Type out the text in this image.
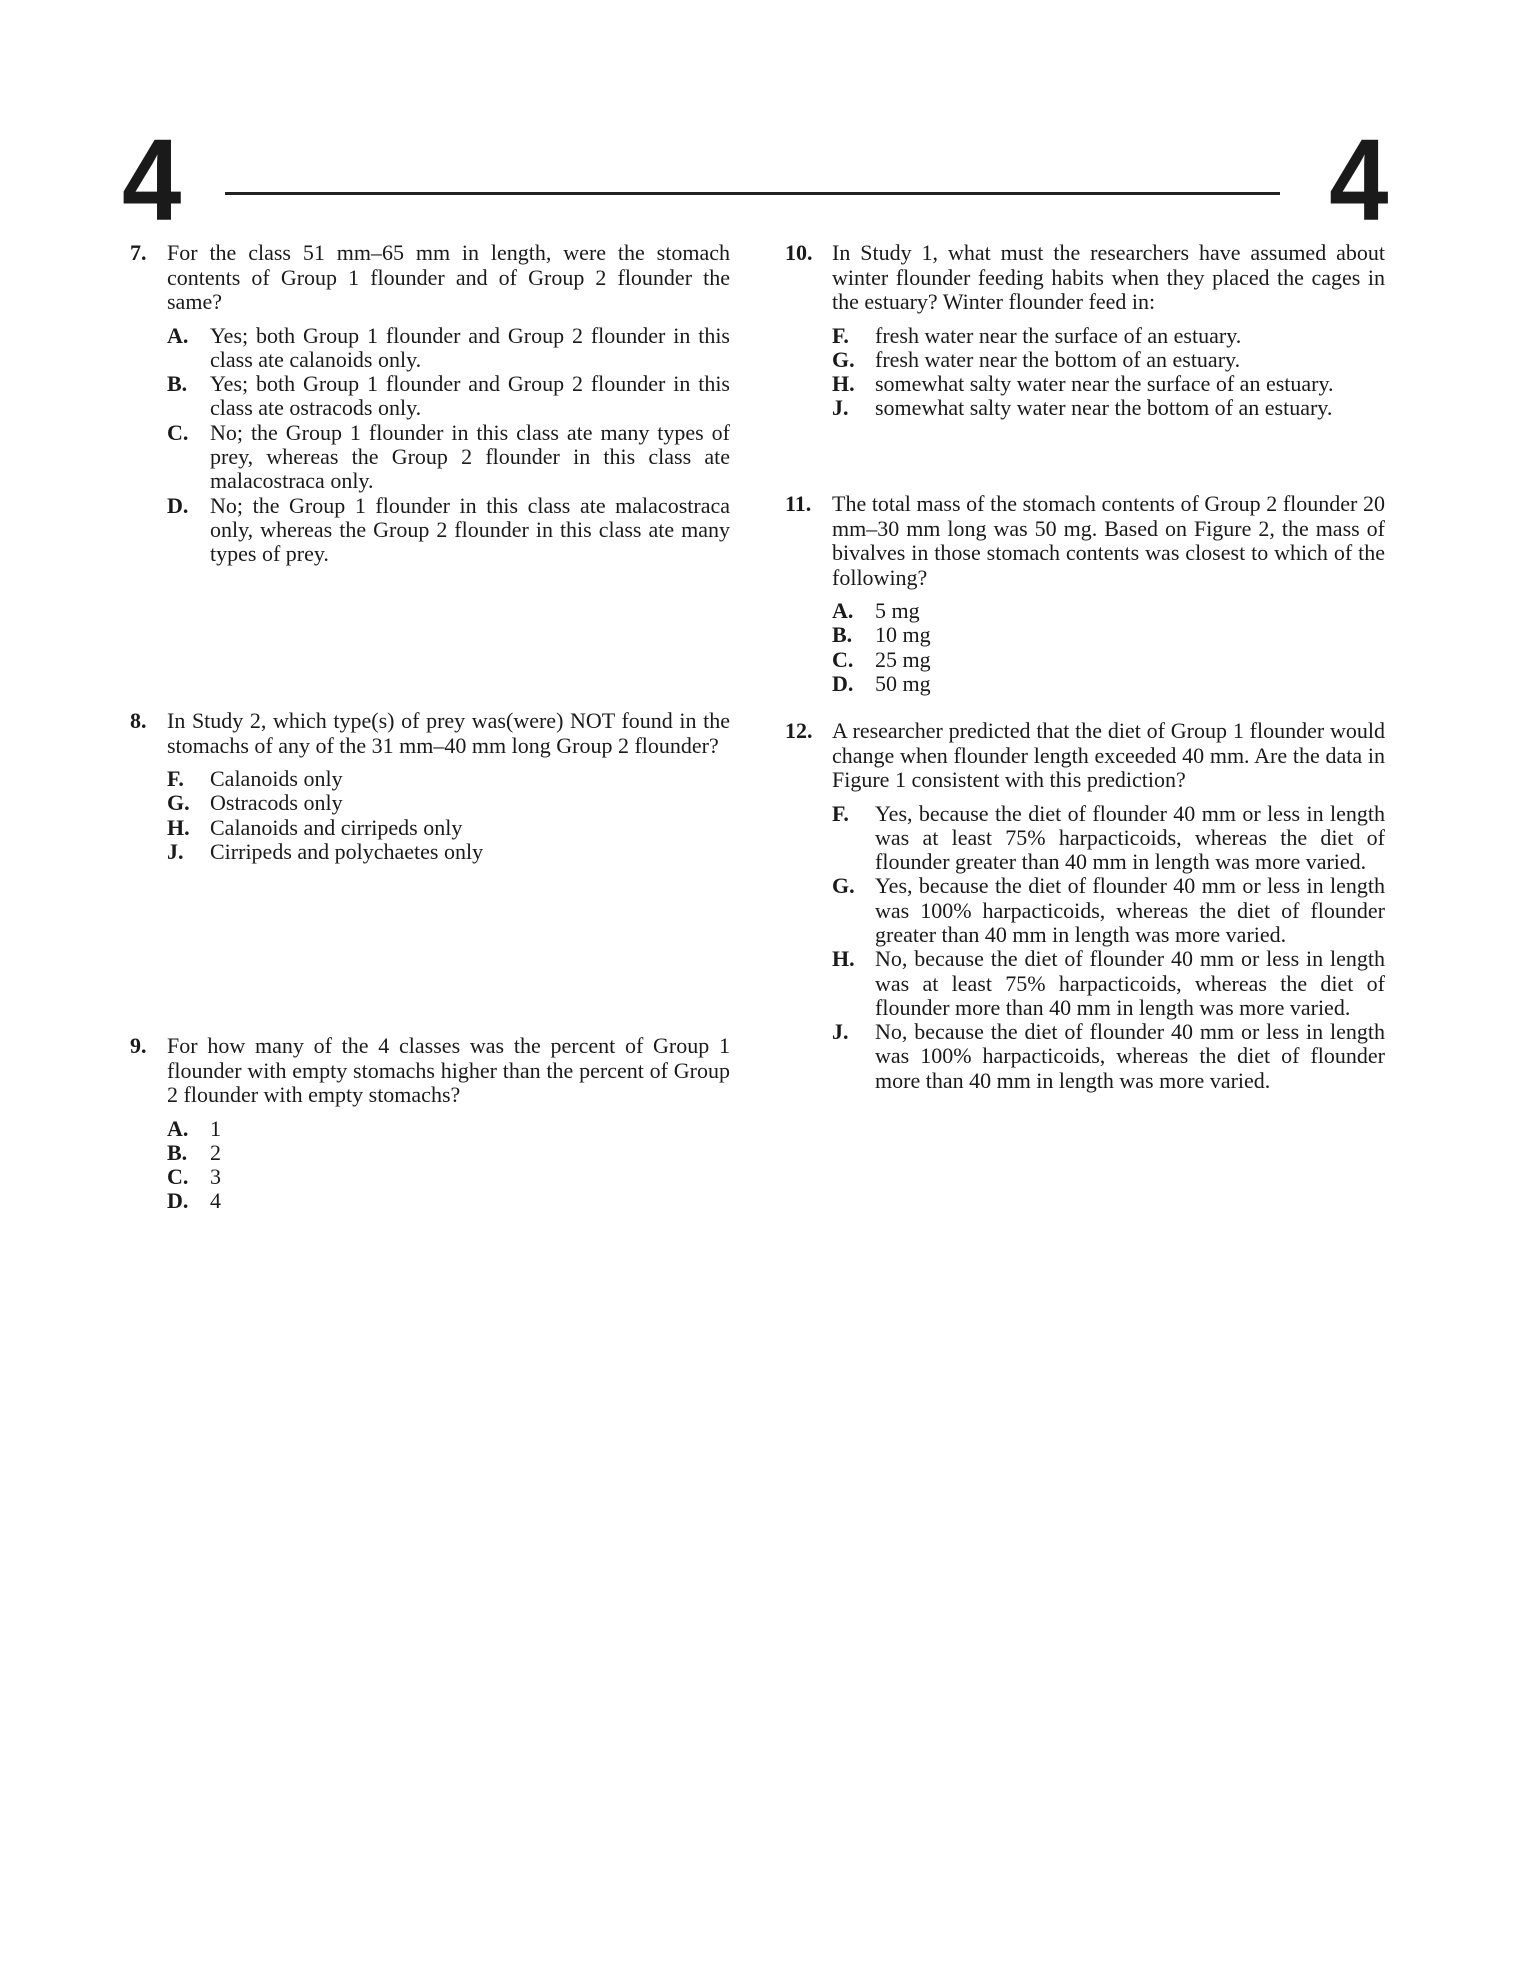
4	4
7. For the class 51 mm–65 mm in length, were the stomach contents of Group 1 flounder and of Group 2 flounder the same?
A. Yes; both Group 1 flounder and Group 2 flounder in this class ate calanoids only.
B. Yes; both Group 1 flounder and Group 2 flounder in this class ate ostracods only.
C. No; the Group 1 flounder in this class ate many types of prey, whereas the Group 2 flounder in this class ate malacostraca only.
D. No; the Group 1 flounder in this class ate malacostraca only, whereas the Group 2 flounder in this class ate many types of prey.
8. In Study 2, which type(s) of prey was(were) NOT found in the stomachs of any of the 31 mm–40 mm long Group 2 flounder?
F. Calanoids only
G. Ostracods only
H. Calanoids and cirripeds only
J. Cirripeds and polychaetes only
9. For how many of the 4 classes was the percent of Group 1 flounder with empty stomachs higher than the percent of Group 2 flounder with empty stomachs?
A. 1
B. 2
C. 3
D. 4
10. In Study 1, what must the researchers have assumed about winter flounder feeding habits when they placed the cages in the estuary? Winter flounder feed in:
F. fresh water near the surface of an estuary.
G. fresh water near the bottom of an estuary.
H. somewhat salty water near the surface of an estuary.
J. somewhat salty water near the bottom of an estuary.
11. The total mass of the stomach contents of Group 2 flounder 20 mm–30 mm long was 50 mg. Based on Figure 2, the mass of bivalves in those stomach contents was closest to which of the following?
A. 5 mg
B. 10 mg
C. 25 mg
D. 50 mg
12. A researcher predicted that the diet of Group 1 flounder would change when flounder length exceeded 40 mm. Are the data in Figure 1 consistent with this prediction?
F. Yes, because the diet of flounder 40 mm or less in length was at least 75% harpacticoids, whereas the diet of flounder greater than 40 mm in length was more varied.
G. Yes, because the diet of flounder 40 mm or less in length was 100% harpacticoids, whereas the diet of flounder greater than 40 mm in length was more varied.
H. No, because the diet of flounder 40 mm or less in length was at least 75% harpacticoids, whereas the diet of flounder more than 40 mm in length was more varied.
J. No, because the diet of flounder 40 mm or less in length was 100% harpacticoids, whereas the diet of flounder more than 40 mm in length was more varied.
